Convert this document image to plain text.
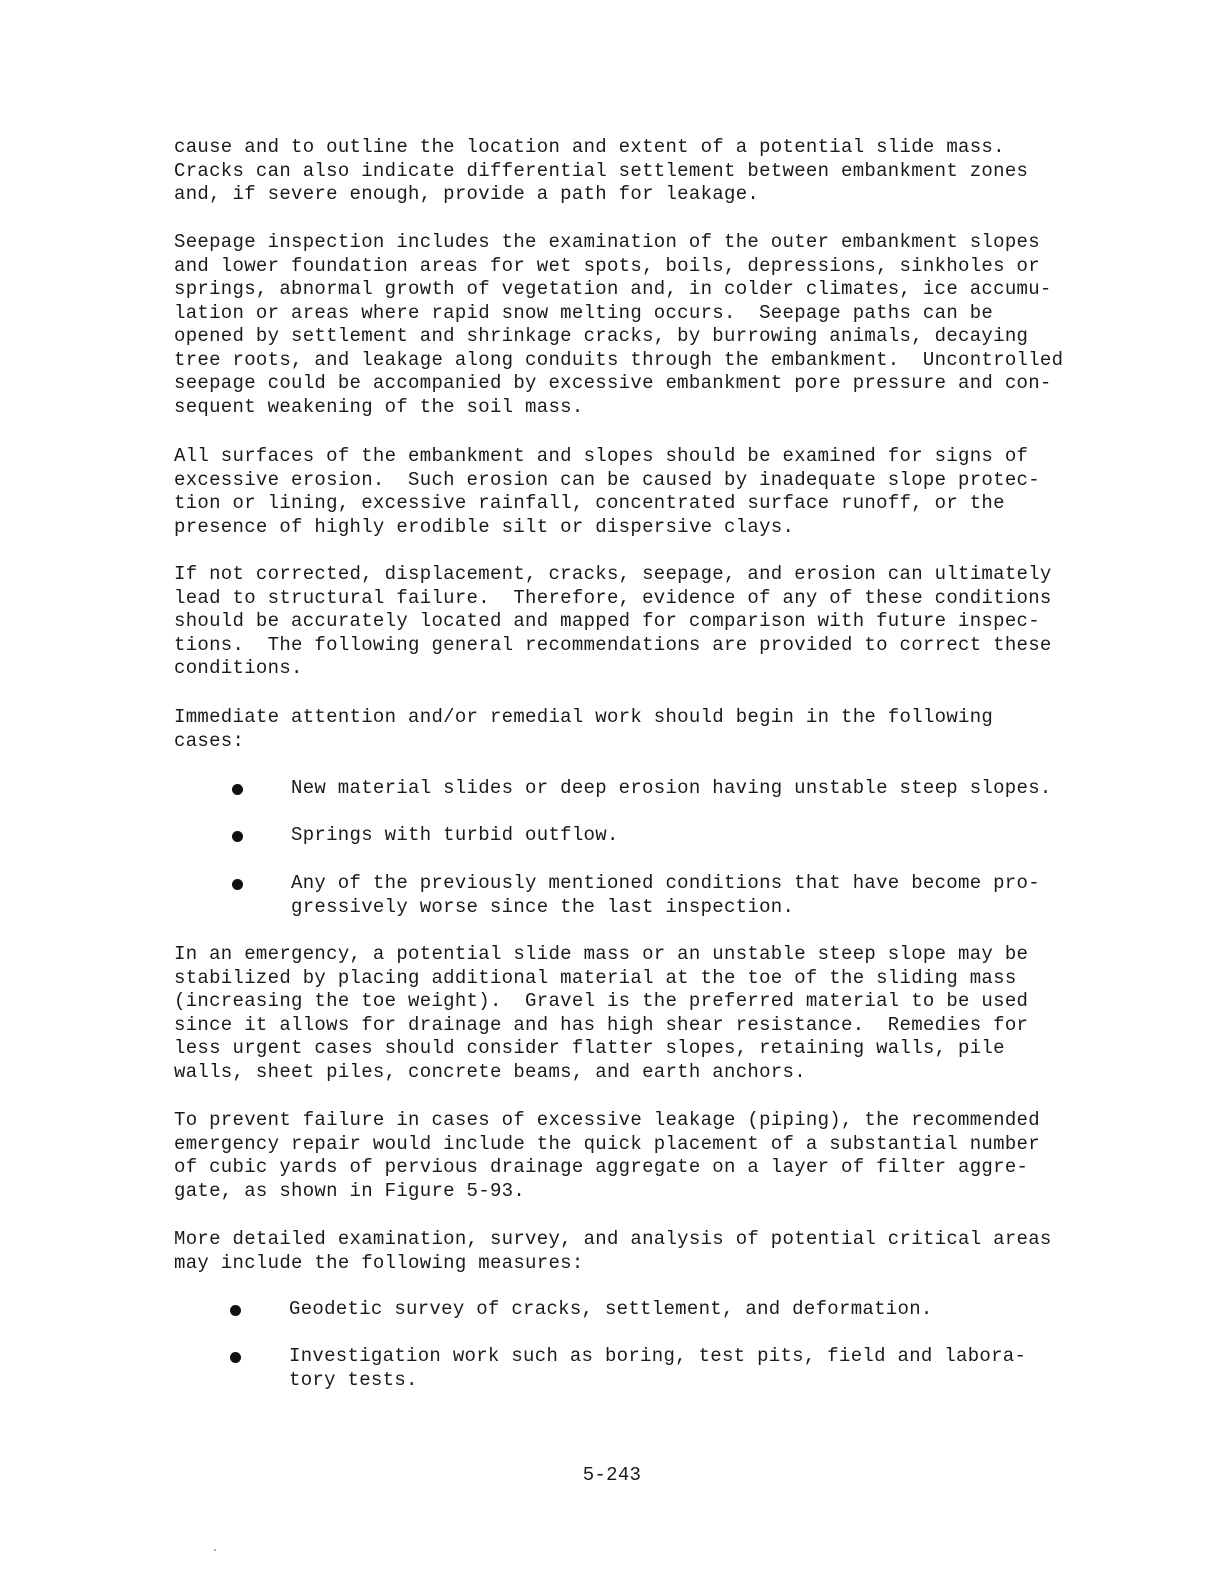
cause and to outline the location and extent of a potential slide mass.
Cracks can also indicate differential settlement between embankment zones
and, if severe enough, provide a path for leakage.
Seepage inspection includes the examination of the outer embankment slopes
and lower foundation areas for wet spots, boils, depressions, sinkholes or
springs, abnormal growth of vegetation and, in colder climates, ice accumu-
lation or areas where rapid snow melting occurs.  Seepage paths can be
opened by settlement and shrinkage cracks, by burrowing animals, decaying
tree roots, and leakage along conduits through the embankment.  Uncontrolled
seepage could be accompanied by excessive embankment pore pressure and con-
sequent weakening of the soil mass.
All surfaces of the embankment and slopes should be examined for signs of
excessive erosion.  Such erosion can be caused by inadequate slope protec-
tion or lining, excessive rainfall, concentrated surface runoff, or the
presence of highly erodible silt or dispersive clays.
If not corrected, displacement, cracks, seepage, and erosion can ultimately
lead to structural failure.  Therefore, evidence of any of these conditions
should be accurately located and mapped for comparison with future inspec-
tions.  The following general recommendations are provided to correct these
conditions.
Immediate attention and/or remedial work should begin in the following
cases:
New material slides or deep erosion having unstable steep slopes.
Springs with turbid outflow.
Any of the previously mentioned conditions that have become pro-
gressively worse since the last inspection.
In an emergency, a potential slide mass or an unstable steep slope may be
stabilized by placing additional material at the toe of the sliding mass
(increasing the toe weight).  Gravel is the preferred material to be used
since it allows for drainage and has high shear resistance.  Remedies for
less urgent cases should consider flatter slopes, retaining walls, pile
walls, sheet piles, concrete beams, and earth anchors.
To prevent failure in cases of excessive leakage (piping), the recommended
emergency repair would include the quick placement of a substantial number
of cubic yards of pervious drainage aggregate on a layer of filter aggre-
gate, as shown in Figure 5-93.
More detailed examination, survey, and analysis of potential critical areas
may include the following measures:
Geodetic survey of cracks, settlement, and deformation.
Investigation work such as boring, test pits, field and labora-
tory tests.
5-243
